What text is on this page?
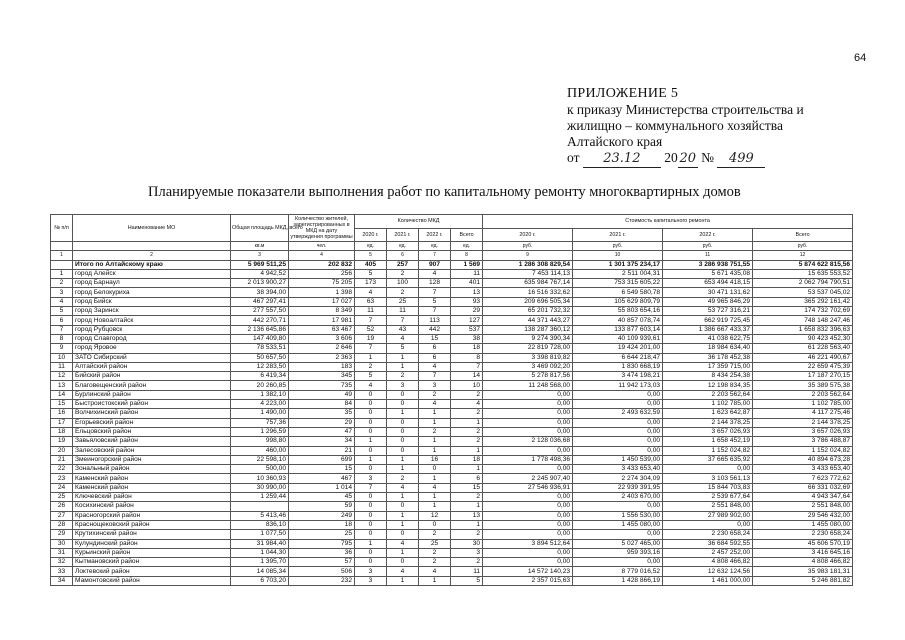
64
ПРИЛОЖЕНИЕ 5
к приказу Министерства строительства и
жилищно – коммунального хозяйства
Алтайского края
от 23.12 20 20 № 499
Планируемые показатели выполнения работ по капитальному ремонту многоквартирных домов
№ п/п	Наименование МО	Общая площадь МКД, всего	Количество жителей, зарегистрированных в МКД на дату утверждения программы	Количество МКД				Стоимость капитального ремонта			
				2020 г.	2021 г.	2022 г.	Всего	2020 г.	2021 г.	2022 г.	Всего
		кв.м	чел.	ед.	ед.	ед.	ед.	руб.	руб.	руб.	руб.
1	2	3	4	5	6	7	8	9	10	11	12
	Итого по Алтайскому краю	5 969 511,25	202 832	405	257	907	1 569	1 286 308 829,54	1 301 375 234,17	3 286 938 751,55	5 874 622 815,56
1	город Алейск	4 942,52	256	5	2	4	11	7 453 114,13	2 511 004,31	5 671 435,08	15 635 553,52
2	город Барнаул	2 013 900,27	75 205	173	100	128	401	635 984 767,14	753 315 605,22	653 494 418,15	2 062 794 790,51
3	город Белокуриха	38 394,00	1 398	4	2	7	13	16 516 332,62	6 549 580,78	30 471 131,62	53 537 045,02
4	город Бийск	467 297,41	17 027	63	25	5	93	209 696 505,34	105 629 809,79	49 965 846,29	365 292 161,42
5	город Заринск	277 557,50	8 349	11	11	7	29	65 201 732,32	55 803 654,16	53 727 316,21	174 732 702,69
6	город Новоалтайск	442 270,71	17 981	7	7	113	127	44 371 443,27	40 857 078,74	662 919 725,45	748 148 247,46
7	город Рубцовск	2 136 645,86	63 467	52	43	442	537	138 287 360,12	133 877 603,14	1 386 667 433,37	1 658 832 396,63
8	город Славгород	147 409,80	3 606	19	4	15	38	9 274 390,34	40 109 939,61	41 038 622,75	90 423 452,30
9	город Яровое	78 533,51	2 646	7	5	6	18	22 819 728,00	19 424 201,00	18 984 634,40	61 228 563,40
10	ЗАТО Сибирский	50 657,50	2 363	1	1	6	8	3 398 819,82	6 644 218,47	36 178 452,38	46 221 490,67
11	Алтайский район	12 283,50	183	2	1	4	7	3 469 092,20	1 830 668,19	17 359 715,00	22 659 475,39
12	Бийский район	6 419,34	345	5	2	7	14	5 278 817,56	3 474 198,21	8 434 254,38	17 187 270,15
13	Благовещенский район	20 260,85	735	4	3	3	10	11 248 568,00	11 942 173,03	12 198 834,35	35 389 575,38
14	Бурлинский район	1 382,10	49	0	0	2	2	0,00	0,00	2 203 562,64	2 203 562,64
15	Быстроистокский район	4 223,00	84	0	0	4	4	0,00	0,00	1 102 785,00	1 102 785,00
16	Волчихинский район	1 490,00	35	0	1	1	2	0,00	2 493 632,59	1 623 642,87	4 117 275,46
17	Егорьевский район	757,36	29	0	0	1	1	0,00	0,00	2 144 378,25	2 144 378,25
18	Ельцовский район	1 296,59	47	0	0	2	2	0,00	0,00	3 657 026,93	3 657 026,93
19	Завьяловский район	998,80	34	1	0	1	2	2 128 036,68	0,00	1 658 452,19	3 786 488,87
20	Залесовский район	460,00	21	0	0	1	1	0,00	0,00	1 152 024,82	1 152 024,82
21	Змеиногорский район	22 598,10	699	1	1	16	18	1 778 498,36	1 450 539,00	37 665 635,92	40 894 673,28
22	Зональный район	500,00	15	0	1	0	1	0,00	3 433 653,40	0,00	3 433 653,40
23	Каменский район	10 360,93	467	3	2	1	6	2 245 907,40	2 274 304,09	3 103 561,13	7 623 772,62
24	Каменский район	30 990,00	1 014	7	4	4	15	27 546 936,91	22 939 391,95	15 844 703,83	66 331 032,69
25	Ключевский район	1 259,44	45	0	1	1	2	0,00	2 403 670,00	2 539 677,64	4 943 347,64
26	Косихинский район		59	0	0	1	1	0,00	0,00	2 551 848,00	2 551 848,00
27	Красногорский район	5 413,46	249	0	1	12	13	0,00	1 556 530,00	27 989 902,00	29 546 432,00
28	Краснощековский район	836,10	18	0	1	0	1	0,00	1 455 080,00	0,00	1 455 080,00
29	Крутихинский район	1 077,50	25	0	0	2	2	0,00	0,00	2 230 658,24	2 230 658,24
30	Кулундинский район	31 984,40	795	1	4	25	30	3 894 512,64	5 027 465,00	36 684 592,55	45 606 570,19
31	Курьинский район	1 044,30	36	0	1	2	3	0,00	959 393,16	2 457 252,00	3 416 645,16
32	Кытмановский район	1 395,70	57	0	0	2	2	0,00	0,00	4 808 466,82	4 808 466,82
33	Локтевский район	14 085,34	506	3	4	4	11	14 572 140,23	8 779 016,52	12 632 124,56	35 983 181,31
34	Мамонтовский район	6 703,20	232	3	1	1	5	2 357 015,63	1 428 866,19	1 461 000,00	5 246 881,82
